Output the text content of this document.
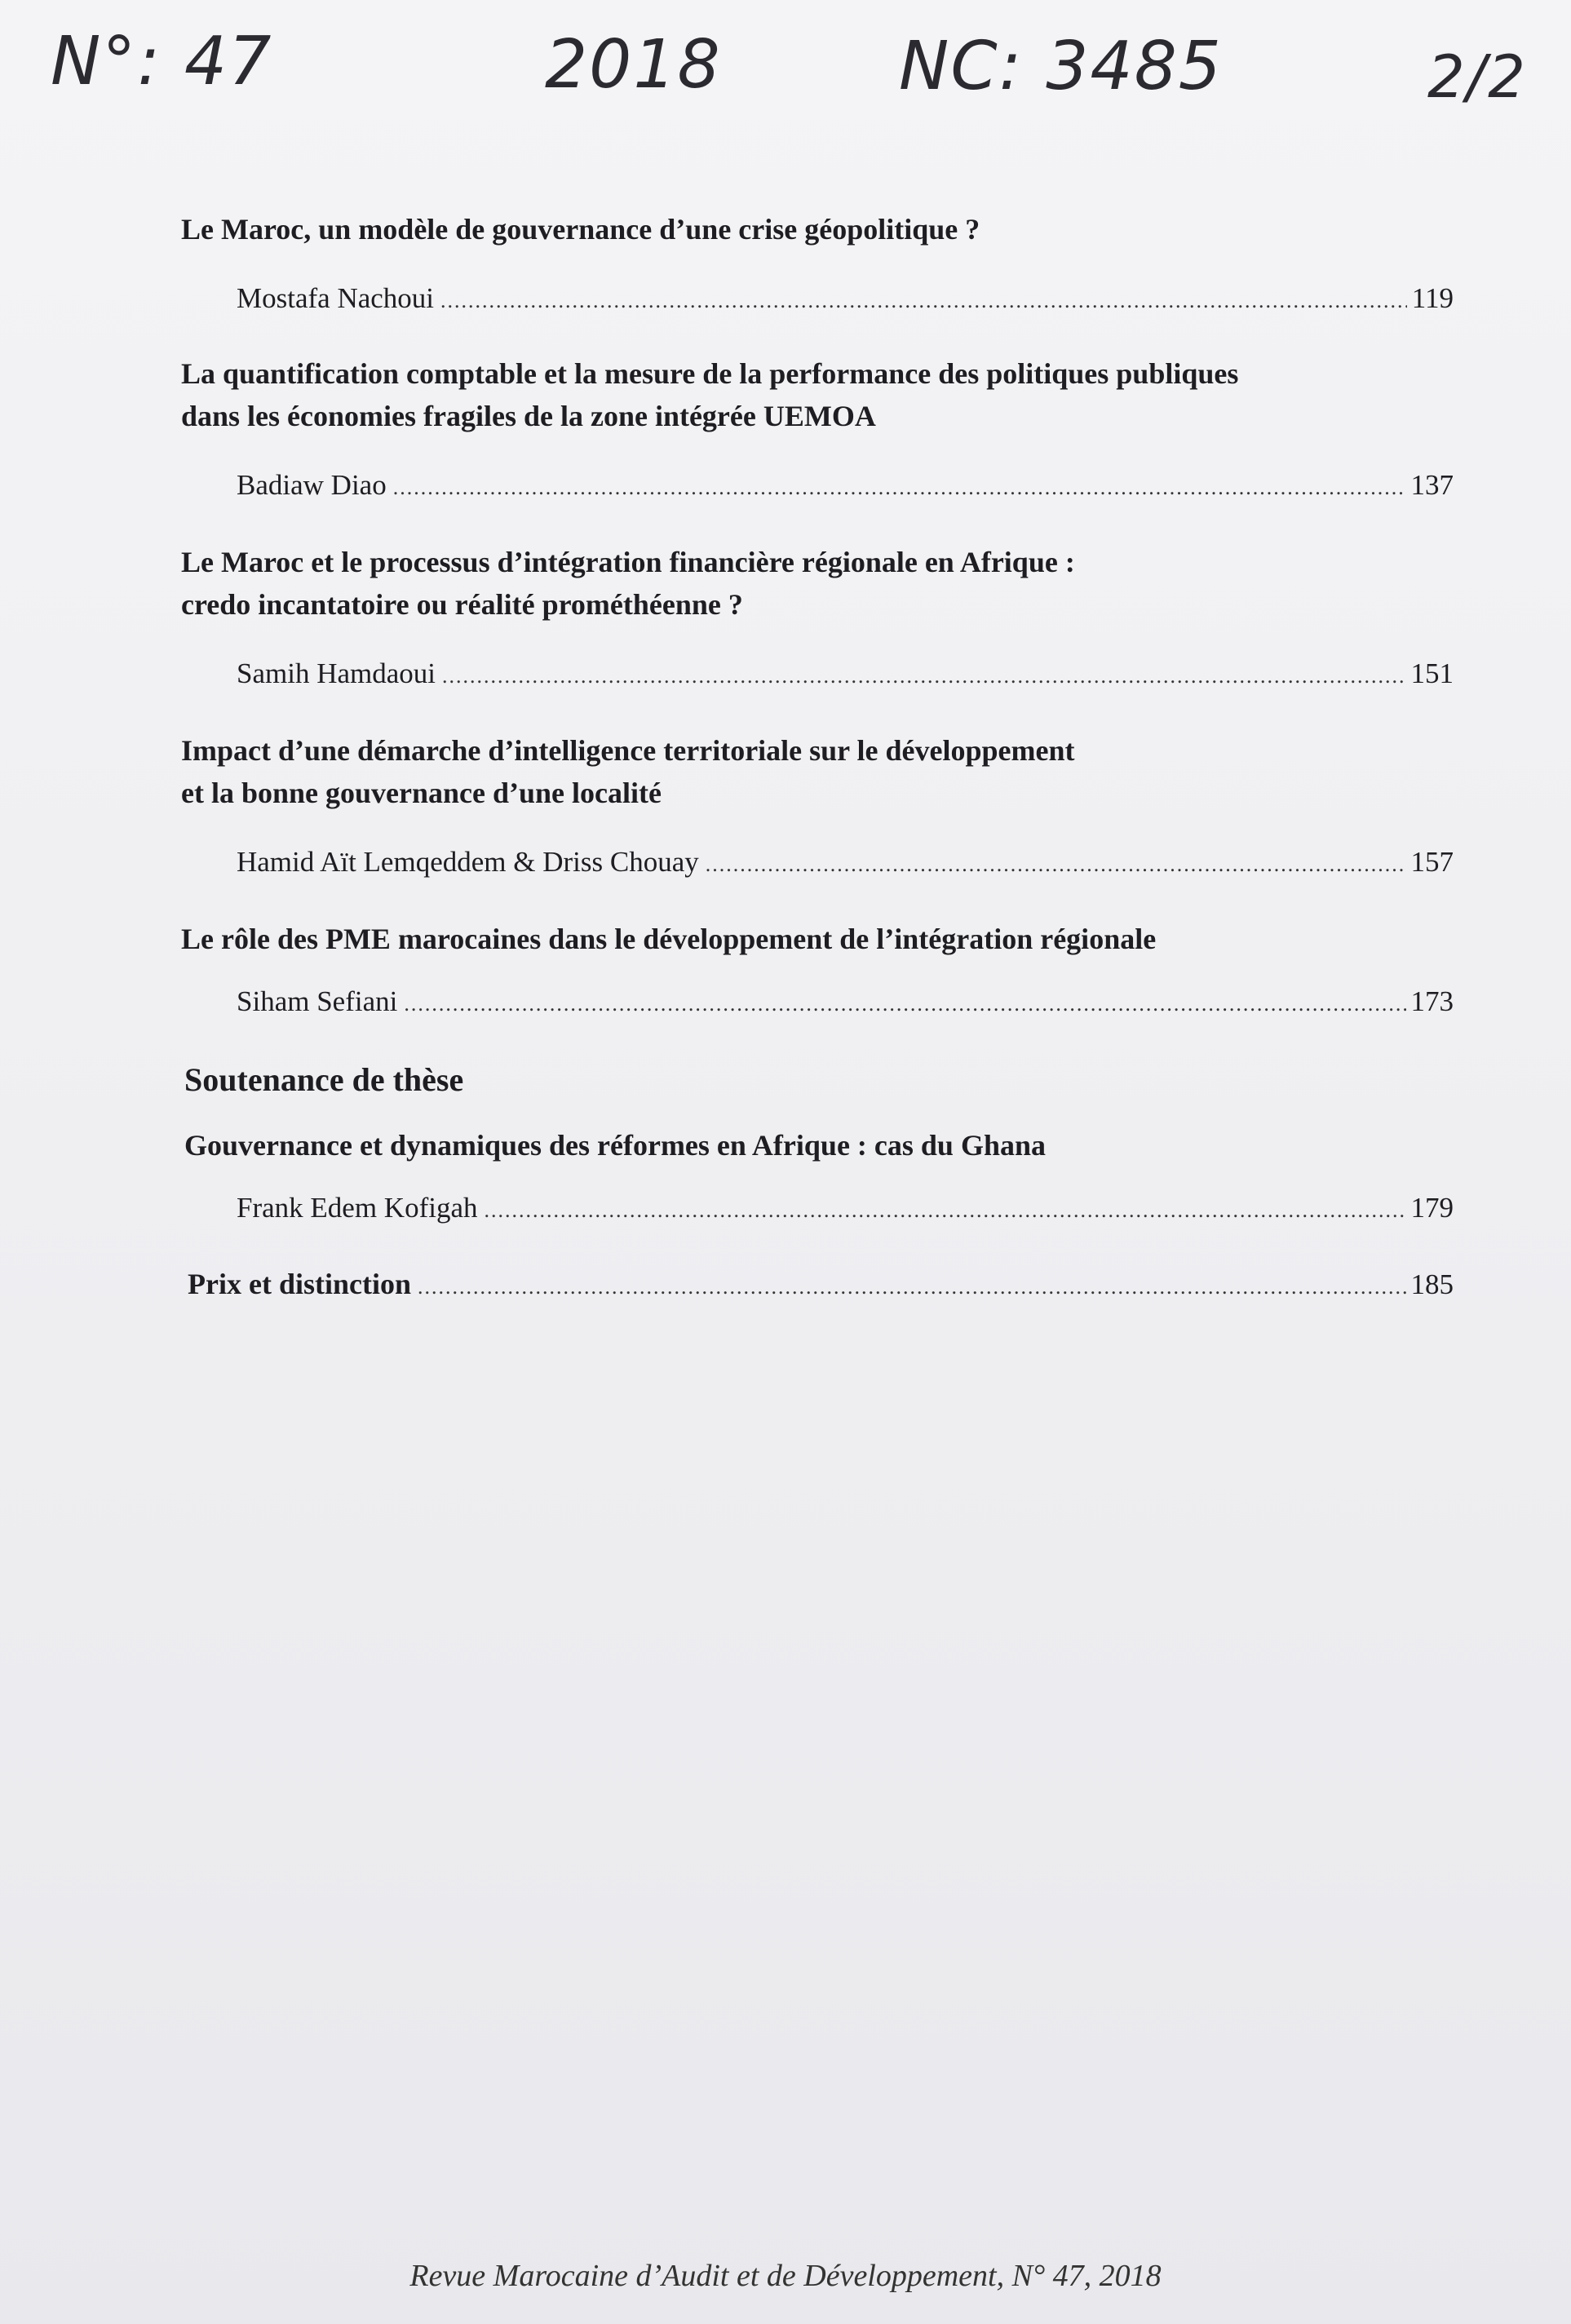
N°: 47	2018	NC: 3485	2/2

Le Maroc, un modèle de gouvernance d’une crise géopolitique ?

Mostafa Nachoui .....	119

La quantification comptable et la mesure de la performance des politiques publiques
dans les économies fragiles de la zone intégrée UEMOA

Badiaw Diao .....	137

Le Maroc et le processus d’intégration financière régionale en Afrique :
credo incantatoire ou réalité prométhéenne ?

Samih Hamdaoui .....	151

Impact d’une démarche d’intelligence territoriale sur le développement
et la bonne gouvernance d’une localité

Hamid Aït Lemqeddem & Driss Chouay .....	157

Le rôle des PME marocaines dans le développement de l’intégration régionale

Siham Sefiani .....	173

Soutenance de thèse

Gouvernance et dynamiques des réformes en Afrique : cas du Ghana

Frank Edem Kofigah .....	179
Prix et distinction .....	185
Revue Marocaine d’Audit et de Développement, N° 47, 2018
